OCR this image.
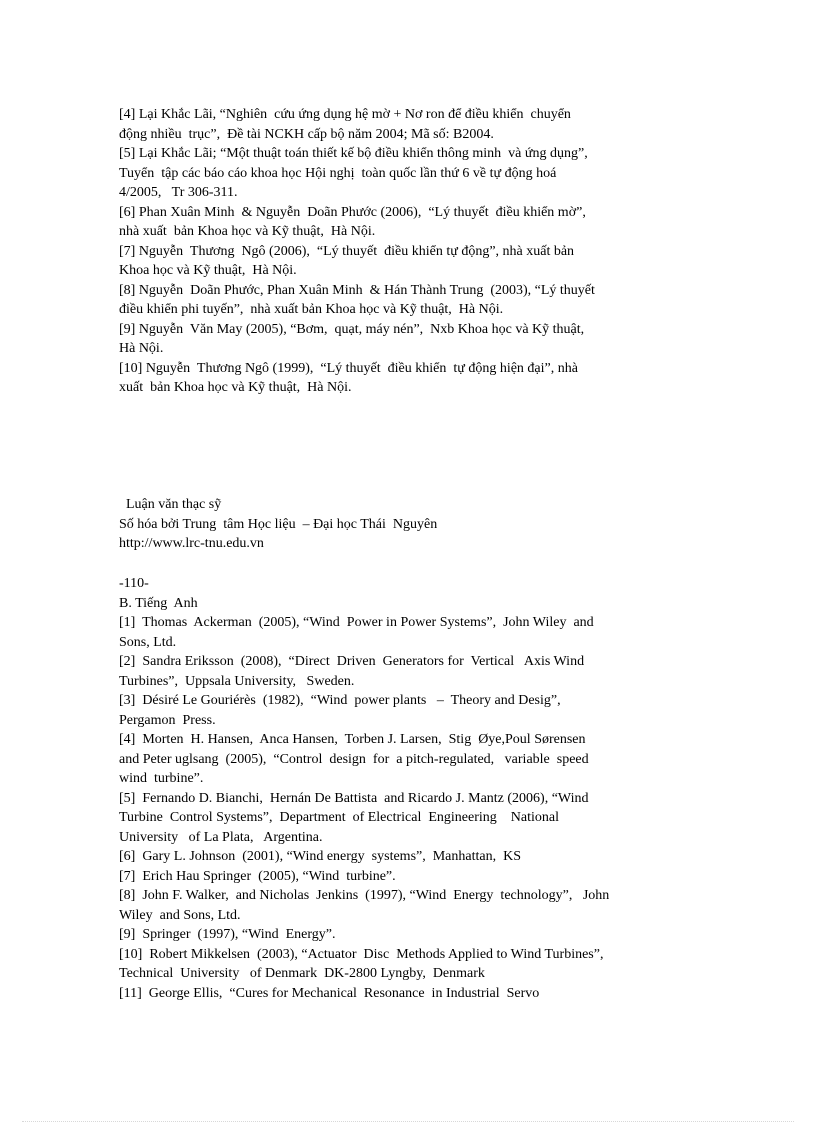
[4] Lại Khắc Lãi, “Nghiên  cứu ứng dụng hệ mờ + Nơ ron để điều khiển  chuyển
động nhiều  trục”,  Đề tài NCKH cấp bộ năm 2004; Mã số: B2004.
[5] Lại Khắc Lãi; “Một thuật toán thiết kế bộ điều khiển thông minh  và ứng dụng”,
Tuyển  tập các báo cáo khoa học Hội nghị  toàn quốc lần thứ 6 về tự động hoá
4/2005,   Tr 306-311.
[6] Phan Xuân Minh  & Nguyễn  Doãn Phước (2006),  “Lý thuyết  điều khiển mờ”,
nhà xuất  bản Khoa học và Kỹ thuật,  Hà Nội.
[7] Nguyễn  Thương  Ngô (2006),  “Lý thuyết  điều khiển tự động”, nhà xuất bản
Khoa học và Kỹ thuật,  Hà Nội.
[8] Nguyễn  Doãn Phước, Phan Xuân Minh  & Hán Thành Trung  (2003), “Lý thuyết
điều khiển phi tuyến”,  nhà xuất bản Khoa học và Kỹ thuật,  Hà Nội.
[9] Nguyễn  Văn May (2005), “Bơm,  quạt, máy nén”,  Nxb Khoa học và Kỹ thuật,
Hà Nội.
[10] Nguyễn  Thương Ngô (1999),  “Lý thuyết  điều khiển  tự động hiện đại”, nhà
xuất  bản Khoa học và Kỹ thuật,  Hà Nội.
Luận văn thạc sỹ
Số hóa bởi Trung  tâm Học liệu  – Đại học Thái  Nguyên
http://www.lrc-tnu.edu.vn
-110-
B. Tiếng  Anh
[1]  Thomas  Ackerman  (2005), “Wind  Power in Power Systems”,  John Wiley  and
Sons, Ltd.
[2]  Sandra Eriksson  (2008),  “Direct  Driven  Generators for  Vertical   Axis Wind
Turbines”,  Uppsala University,   Sweden.
[3]  Désiré Le Gouriérès  (1982),  “Wind  power plants   –  Theory and Desig”,
Pergamon  Press.
[4]  Morten  H. Hansen,  Anca Hansen,  Torben J. Larsen,  Stig  Øye,Poul Sørensen
and Peter uglsang  (2005),  “Control  design  for  a pitch-regulated,   variable  speed
wind  turbine”.
[5]  Fernando D. Bianchi,  Hernán De Battista  and Ricardo J. Mantz (2006), “Wind
Turbine  Control Systems”,  Department  of Electrical  Engineering    National
University   of La Plata,   Argentina.
[6]  Gary L. Johnson  (2001), “Wind energy  systems”,  Manhattan,  KS
[7]  Erich Hau Springer  (2005), “Wind  turbine”.
[8]  John F. Walker,  and Nicholas  Jenkins  (1997), “Wind  Energy  technology”,   John
Wiley  and Sons, Ltd.
[9]  Springer  (1997), “Wind  Energy”.
[10]  Robert Mikkelsen  (2003), “Actuator  Disc  Methods Applied to Wind Turbines”,
Technical  University   of Denmark  DK-2800 Lyngby,  Denmark
[11]  George Ellis,  “Cures for Mechanical  Resonance  in Industrial  Servo
